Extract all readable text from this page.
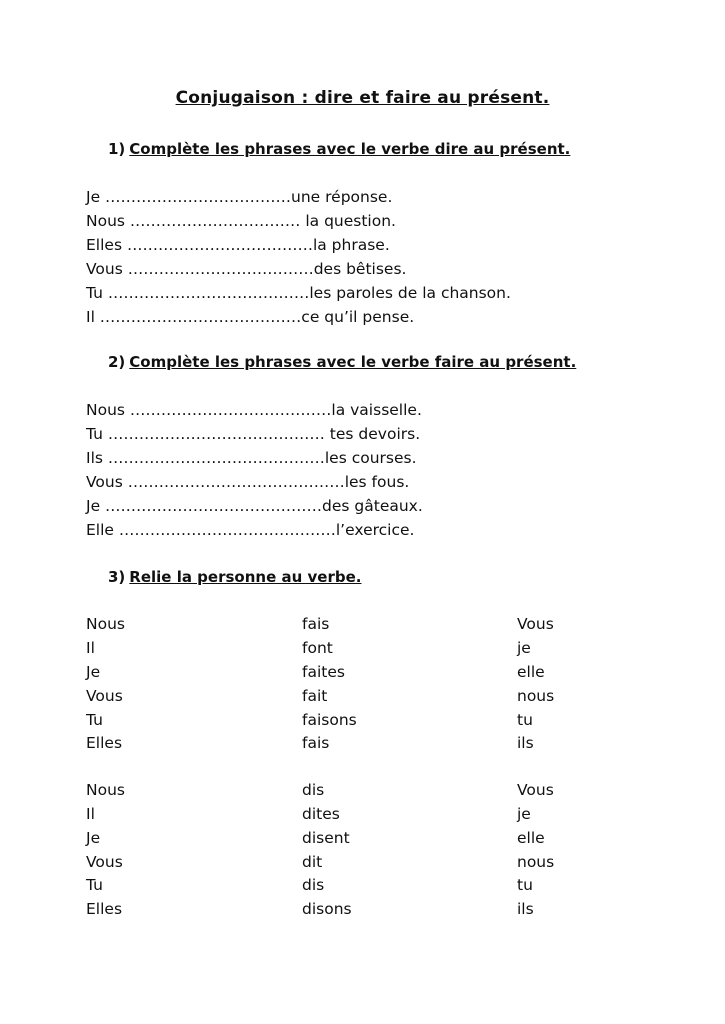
Conjugaison : dire et faire au présent.
1) Complète les phrases avec le verbe dire au présent.
Je ………………………………une réponse.
Nous …………………………… la question.
Elles ………………………………la phrase.
Vous ………………………………des bêtises.
Tu …………………………………les paroles de la chanson.
Il …………………………………ce qu’il pense.
2) Complète les phrases avec le verbe faire au présent.
Nous …………………………………la vaisselle.
Tu …………………………………… tes devoirs.
Ils ……………………………………les courses.
Vous ……………………………………les fous.
Je ……………………………………des gâteaux.
Elle ……………………………………l’exercice.
3) Relie la personne au verbe.
Nous	fais	Vous
Il	font	je
Je	faites	elle
Vous	fait	nous
Tu	faisons	tu
Elles	fais	ils
Nous	dis	Vous
Il	dites	je
Je	disent	elle
Vous	dit	nous
Tu	dis	tu
Elles	disons	ils
